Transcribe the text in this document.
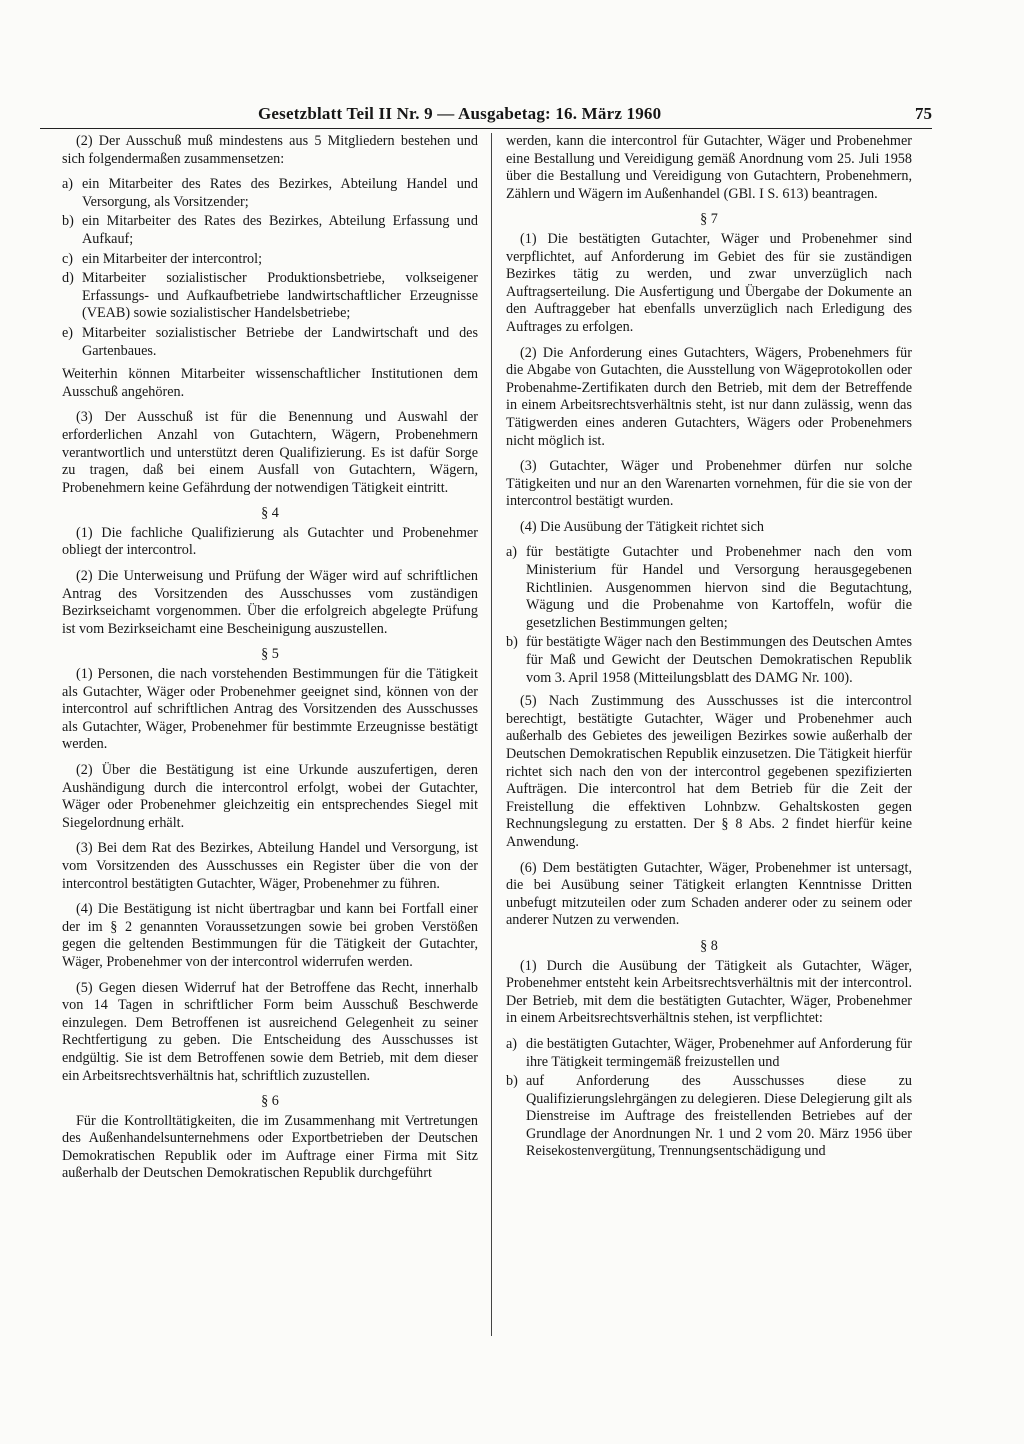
Gesetzblatt Teil II Nr. 9 — Ausgabetag: 16. März 1960	75

(2) Der Ausschuß muß mindestens aus 5 Mitgliedern bestehen und sich folgendermaßen zusammensetzen:

a) ein Mitarbeiter des Rates des Bezirkes, Abteilung Handel und Versorgung, als Vorsitzender;
b) ein Mitarbeiter des Rates des Bezirkes, Abteilung Erfassung und Aufkauf;
c) ein Mitarbeiter der intercontrol;
d) Mitarbeiter sozialistischer Produktionsbetriebe, volkseigener Erfassungs- und Aufkaufbetriebe landwirtschaftlicher Erzeugnisse (VEAB) sowie sozialistischer Handelsbetriebe;
e) Mitarbeiter sozialistischer Betriebe der Landwirtschaft und des Gartenbaues.

Weiterhin können Mitarbeiter wissenschaftlicher Institutionen dem Ausschuß angehören.

(3) Der Ausschuß ist für die Benennung und Auswahl der erforderlichen Anzahl von Gutachtern, Wägern, Probenehmern verantwortlich und unterstützt deren Qualifizierung. Es ist dafür Sorge zu tragen, daß bei einem Ausfall von Gutachtern, Wägern, Probenehmern keine Gefährdung der notwendigen Tätigkeit eintritt.

§ 4

(1) Die fachliche Qualifizierung als Gutachter und Probenehmer obliegt der intercontrol.

(2) Die Unterweisung und Prüfung der Wäger wird auf schriftlichen Antrag des Vorsitzenden des Ausschusses vom zuständigen Bezirkseichamt vorgenommen. Über die erfolgreich abgelegte Prüfung ist vom Bezirkseichamt eine Bescheinigung auszustellen.

§ 5

(1) Personen, die nach vorstehenden Bestimmungen für die Tätigkeit als Gutachter, Wäger oder Probenehmer geeignet sind, können von der intercontrol auf schriftlichen Antrag des Vorsitzenden des Ausschusses als Gutachter, Wäger, Probenehmer für bestimmte Erzeugnisse bestätigt werden.

(2) Über die Bestätigung ist eine Urkunde auszufertigen, deren Aushändigung durch die intercontrol erfolgt, wobei der Gutachter, Wäger oder Probenehmer gleichzeitig ein entsprechendes Siegel mit Siegelordnung erhält.

(3) Bei dem Rat des Bezirkes, Abteilung Handel und Versorgung, ist vom Vorsitzenden des Ausschusses ein Register über die von der intercontrol bestätigten Gutachter, Wäger, Probenehmer zu führen.

(4) Die Bestätigung ist nicht übertragbar und kann bei Fortfall einer der im § 2 genannten Voraussetzungen sowie bei groben Verstößen gegen die geltenden Bestimmungen für die Tätigkeit der Gutachter, Wäger, Probenehmer von der intercontrol widerrufen werden.

(5) Gegen diesen Widerruf hat der Betroffene das Recht, innerhalb von 14 Tagen in schriftlicher Form beim Ausschuß Beschwerde einzulegen. Dem Betroffenen ist ausreichend Gelegenheit zu seiner Rechtfertigung zu geben. Die Entscheidung des Ausschusses ist endgültig. Sie ist dem Betroffenen sowie dem Betrieb, mit dem dieser ein Arbeitsrechtsverhältnis hat, schriftlich zuzustellen.

§ 6

Für die Kontrolltätigkeiten, die im Zusammenhang mit Vertretungen des Außenhandelsunternehmens oder Exportbetrieben der Deutschen Demokratischen Republik oder im Auftrage einer Firma mit Sitz außerhalb der Deutschen Demokratischen Republik durchgeführt

werden, kann die intercontrol für Gutachter, Wäger und Probenehmer eine Bestallung und Vereidigung gemäß Anordnung vom 25. Juli 1958 über die Bestallung und Vereidigung von Gutachtern, Probenehmern, Zählern und Wägern im Außenhandel (GBl. I S. 613) beantragen.

§ 7

(1) Die bestätigten Gutachter, Wäger und Probenehmer sind verpflichtet, auf Anforderung im Gebiet des für sie zuständigen Bezirkes tätig zu werden, und zwar unverzüglich nach Auftragserteilung. Die Ausfertigung und Übergabe der Dokumente an den Auftraggeber hat ebenfalls unverzüglich nach Erledigung des Auftrages zu erfolgen.

(2) Die Anforderung eines Gutachters, Wägers, Probenehmers für die Abgabe von Gutachten, die Ausstellung von Wägeprotokollen oder Probenahme-Zertifikaten durch den Betrieb, mit dem der Betreffende in einem Arbeitsrechtsverhältnis steht, ist nur dann zulässig, wenn das Tätigwerden eines anderen Gutachters, Wägers oder Probenehmers nicht möglich ist.

(3) Gutachter, Wäger und Probenehmer dürfen nur solche Tätigkeiten und nur an den Warenarten vornehmen, für die sie von der intercontrol bestätigt wurden.

(4) Die Ausübung der Tätigkeit richtet sich

a) für bestätigte Gutachter und Probenehmer nach den vom Ministerium für Handel und Versorgung herausgegebenen Richtlinien. Ausgenommen hiervon sind die Begutachtung, Wägung und die Probenahme von Kartoffeln, wofür die gesetzlichen Bestimmungen gelten;
b) für bestätigte Wäger nach den Bestimmungen des Deutschen Amtes für Maß und Gewicht der Deutschen Demokratischen Republik vom 3. April 1958 (Mitteilungsblatt des DAMG Nr. 100).

(5) Nach Zustimmung des Ausschusses ist die intercontrol berechtigt, bestätigte Gutachter, Wäger und Probenehmer auch außerhalb des Gebietes des jeweiligen Bezirkes sowie außerhalb der Deutschen Demokratischen Republik einzusetzen. Die Tätigkeit hierfür richtet sich nach den von der intercontrol gegebenen spezifizierten Aufträgen. Die intercontrol hat dem Betrieb für die Zeit der Freistellung die effektiven Lohnbzw. Gehaltskosten gegen Rechnungslegung zu erstatten. Der § 8 Abs. 2 findet hierfür keine Anwendung.

(6) Dem bestätigten Gutachter, Wäger, Probenehmer ist untersagt, die bei Ausübung seiner Tätigkeit erlangten Kenntnisse Dritten unbefugt mitzuteilen oder zum Schaden anderer oder zu seinem oder anderer Nutzen zu verwenden.

§ 8

(1) Durch die Ausübung der Tätigkeit als Gutachter, Wäger, Probenehmer entsteht kein Arbeitsrechtsverhältnis mit der intercontrol. Der Betrieb, mit dem die bestätigten Gutachter, Wäger, Probenehmer in einem Arbeitsrechtsverhältnis stehen, ist verpflichtet:

a) die bestätigten Gutachter, Wäger, Probenehmer auf Anforderung für ihre Tätigkeit termingemäß freizustellen und
b) auf Anforderung des Ausschusses diese zu Qualifizierungslehrgängen zu delegieren. Diese Delegierung gilt als Dienstreise im Auftrage des freistellenden Betriebes auf der Grundlage der Anordnungen Nr. 1 und 2 vom 20. März 1956 über Reisekostenvergütung, Trennungsentschädigung und
